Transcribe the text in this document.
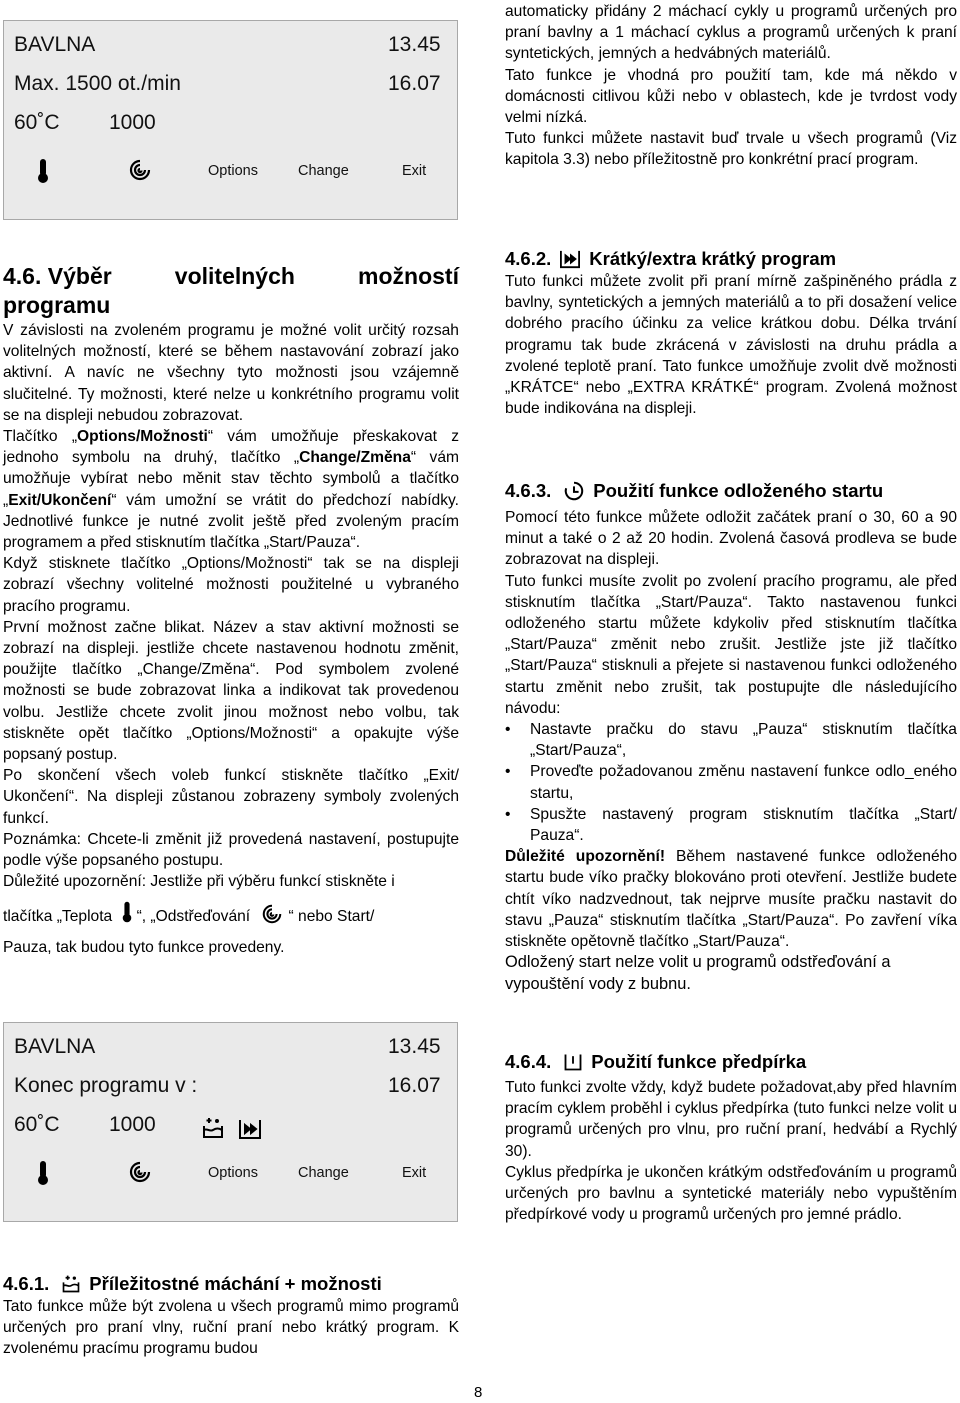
BAVLNA	13.45
Max. 1500 ot./min	16.07
60˚C 1000
Options	Change	Exit
4.6. Výběr	volitelných	možností
programu

V závislosti na zvoleném programu je možné volit určitý rozsah volitelných možností, které se během nastavování zobrazí jako aktivní. A navíc ne všechny tyto možnosti jsou vzájemně slučitelné. Ty možnosti, které nelze u konkrétního programu volit se na displeji nebudou zobrazovat.

Tlačítko „Options/Možnosti“ vám umožňuje přeskakovat z jednoho symbolu na druhý, tlačítko „Change/Změna“ vám umožňuje vybírat nebo měnit stav těchto symbolů a tlačítko „Exit/Ukončení“ vám umožní se vrátit do předchozí nabídky. Jednotlivé funkce je nutné zvolit ještě před zvoleným pracím programem a před stisknutím tlačítka „Start/Pauza“.

Když stisknete tlačítko „Options/Možnosti“ tak se na displeji zobrazí všechny volitelné možnosti použitelné u vybraného pracího programu.

První možnost začne blikat. Název a stav aktivní možnosti se zobrazí na displeji. jestliže chcete nastavenou hodnotu změnit, použijte tlačítko „Change/Změna“. Pod symbolem zvolené možnosti se bude zobrazovat linka a indikovat tak provedenou volbu. Jestliže chcete zvolit jinou možnost nebo volbu, tak stiskněte opět tlačítko „Options/Možnosti“ a opakujte výše popsaný postup.

Po skončení všech voleb funkcí stiskněte tlačítko „Exit/ Ukončení“. Na displeji zůstanou zobrazeny symboly zvolených funkcí.

Poznámka: Chcete-li změnit již provedená nastavení, postupujte podle výše popsaného postupu.

Důležité upozornění: Jestliže při výběru funkcí stiskněte i

tlačítka „Teplota “, „Odstřeďování “ nebo Start/
Pauza, tak budou tyto funkce provedeny.

BAVLNA	13.45
Konec programu v :	16.07
60˚C 1000
Options	Change	Exit
4.6.1. Příležitostné máchání + možnosti

Tato funkce může být zvolena u všech programů mimo programů určených pro praní vlny, ruční praní nebo krátký program. K zvolenému pracímu programu budou

automaticky přidány 2 máchací cykly u programů určených pro praní bavlny a 1 máchací cyklus a programů určených k praní syntetických, jemných a hedvábných materiálů.

Tato funkce je vhodná pro použití tam, kde má někdo v domácnosti citlivou kůži nebo v oblastech, kde je tvrdost vody velmi nízká.

Tuto funkci můžete nastavit buď trvale u všech programů (Viz kapitola 3.3) nebo příležitostně pro konkrétní prací program.

4.6.2. Krátký/extra krátký program

Tuto funkci můžete zvolit při praní mírně zašpiněného prádla z bavlny, syntetických a jemných materiálů a to při dosažení velice dobrého pracího účinku za velice krátkou dobu. Délka trvání programu tak bude zkrácená v závislosti na druhu prádla a zvolené teplotě praní. Tato funkce umožňuje zvolit dvě možnosti „KRÁTCE“ nebo „EXTRA KRÁTKÉ“ program. Zvolená možnost bude indikována na displeji.

4.6.3. Použití funkce odloženého startu

Pomocí této funkce můžete odložit začátek praní o 30, 60 a 90 minut a také o 2 až 20 hodin. Zvolená časová prodleva se bude zobrazovat na displeji.

Tuto funkci musíte zvolit po zvolení pracího programu, ale před stisknutím tlačítka „Start/Pauza“. Takto nastavenou funkci odloženého startu můžete kdykoliv před stisknutím tlačítka „Start/Pauza“ změnit nebo zrušit. Jestliže jste již tlačítko „Start/Pauza“ stisknuli a přejete si nastavenou funkci odloženého startu změnit nebo zrušit, tak postupujte dle následujícího návodu:

• Nastavte pračku do stavu „Pauza“ stisknutím tlačítka „Start/Pauza“,
• Proveďte požadovanou změnu nastavení funkce odlo_eného startu,
• Spusžte nastavený program stisknutím tlačítka „Start/ Pauza“.

Důležité upozornění! Během nastavené funkce odloženého startu bude víko pračky blokováno proti otevření. Jestliže budete chtít víko nadzvednout, tak nejprve musíte pračku nastavit do stavu „Pauza“ stisknutím tlačítka „Start/Pauza“. Po zavření víka stiskněte opětovně tlačítko „Start/Pauza“.

Odložený start nelze volit u programů odstřeďování a vypouštění vody z bubnu.

4.6.4. Použití funkce předpírka

Tuto funkci zvolte vždy, když budete požadovat,aby před hlavním pracím cyklem proběhl i cyklus předpírka (tuto funkci nelze volit u programů určených pro vlnu, pro ruční praní, hedvábí a Rychlý 30).

Cyklus předpírka je ukončen krátkým odstřeďováním u programů určených pro bavlnu a syntetické materiály nebo vypuštěním předpírkové vody u programů určených pro jemné prádlo.

8
